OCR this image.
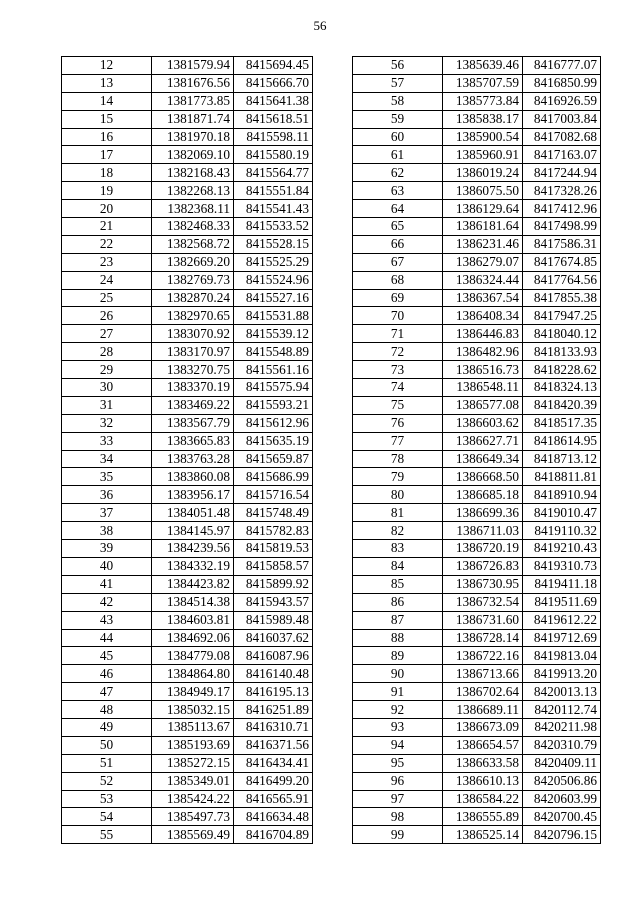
56
12	1381579.94	8415694.45
13	1381676.56	8415666.70
14	1381773.85	8415641.38
15	1381871.74	8415618.51
16	1381970.18	8415598.11
17	1382069.10	8415580.19
18	1382168.43	8415564.77
19	1382268.13	8415551.84
20	1382368.11	8415541.43
21	1382468.33	8415533.52
22	1382568.72	8415528.15
23	1382669.20	8415525.29
24	1382769.73	8415524.96
25	1382870.24	8415527.16
26	1382970.65	8415531.88
27	1383070.92	8415539.12
28	1383170.97	8415548.89
29	1383270.75	8415561.16
30	1383370.19	8415575.94
31	1383469.22	8415593.21
32	1383567.79	8415612.96
33	1383665.83	8415635.19
34	1383763.28	8415659.87
35	1383860.08	8415686.99
36	1383956.17	8415716.54
37	1384051.48	8415748.49
38	1384145.97	8415782.83
39	1384239.56	8415819.53
40	1384332.19	8415858.57
41	1384423.82	8415899.92
42	1384514.38	8415943.57
43	1384603.81	8415989.48
44	1384692.06	8416037.62
45	1384779.08	8416087.96
46	1384864.80	8416140.48
47	1384949.17	8416195.13
48	1385032.15	8416251.89
49	1385113.67	8416310.71
50	1385193.69	8416371.56
51	1385272.15	8416434.41
52	1385349.01	8416499.20
53	1385424.22	8416565.91
54	1385497.73	8416634.48
55	1385569.49	8416704.89
56	1385639.46	8416777.07
57	1385707.59	8416850.99
58	1385773.84	8416926.59
59	1385838.17	8417003.84
60	1385900.54	8417082.68
61	1385960.91	8417163.07
62	1386019.24	8417244.94
63	1386075.50	8417328.26
64	1386129.64	8417412.96
65	1386181.64	8417498.99
66	1386231.46	8417586.31
67	1386279.07	8417674.85
68	1386324.44	8417764.56
69	1386367.54	8417855.38
70	1386408.34	8417947.25
71	1386446.83	8418040.12
72	1386482.96	8418133.93
73	1386516.73	8418228.62
74	1386548.11	8418324.13
75	1386577.08	8418420.39
76	1386603.62	8418517.35
77	1386627.71	8418614.95
78	1386649.34	8418713.12
79	1386668.50	8418811.81
80	1386685.18	8418910.94
81	1386699.36	8419010.47
82	1386711.03	8419110.32
83	1386720.19	8419210.43
84	1386726.83	8419310.73
85	1386730.95	8419411.18
86	1386732.54	8419511.69
87	1386731.60	8419612.22
88	1386728.14	8419712.69
89	1386722.16	8419813.04
90	1386713.66	8419913.20
91	1386702.64	8420013.13
92	1386689.11	8420112.74
93	1386673.09	8420211.98
94	1386654.57	8420310.79
95	1386633.58	8420409.11
96	1386610.13	8420506.86
97	1386584.22	8420603.99
98	1386555.89	8420700.45
99	1386525.14	8420796.15
